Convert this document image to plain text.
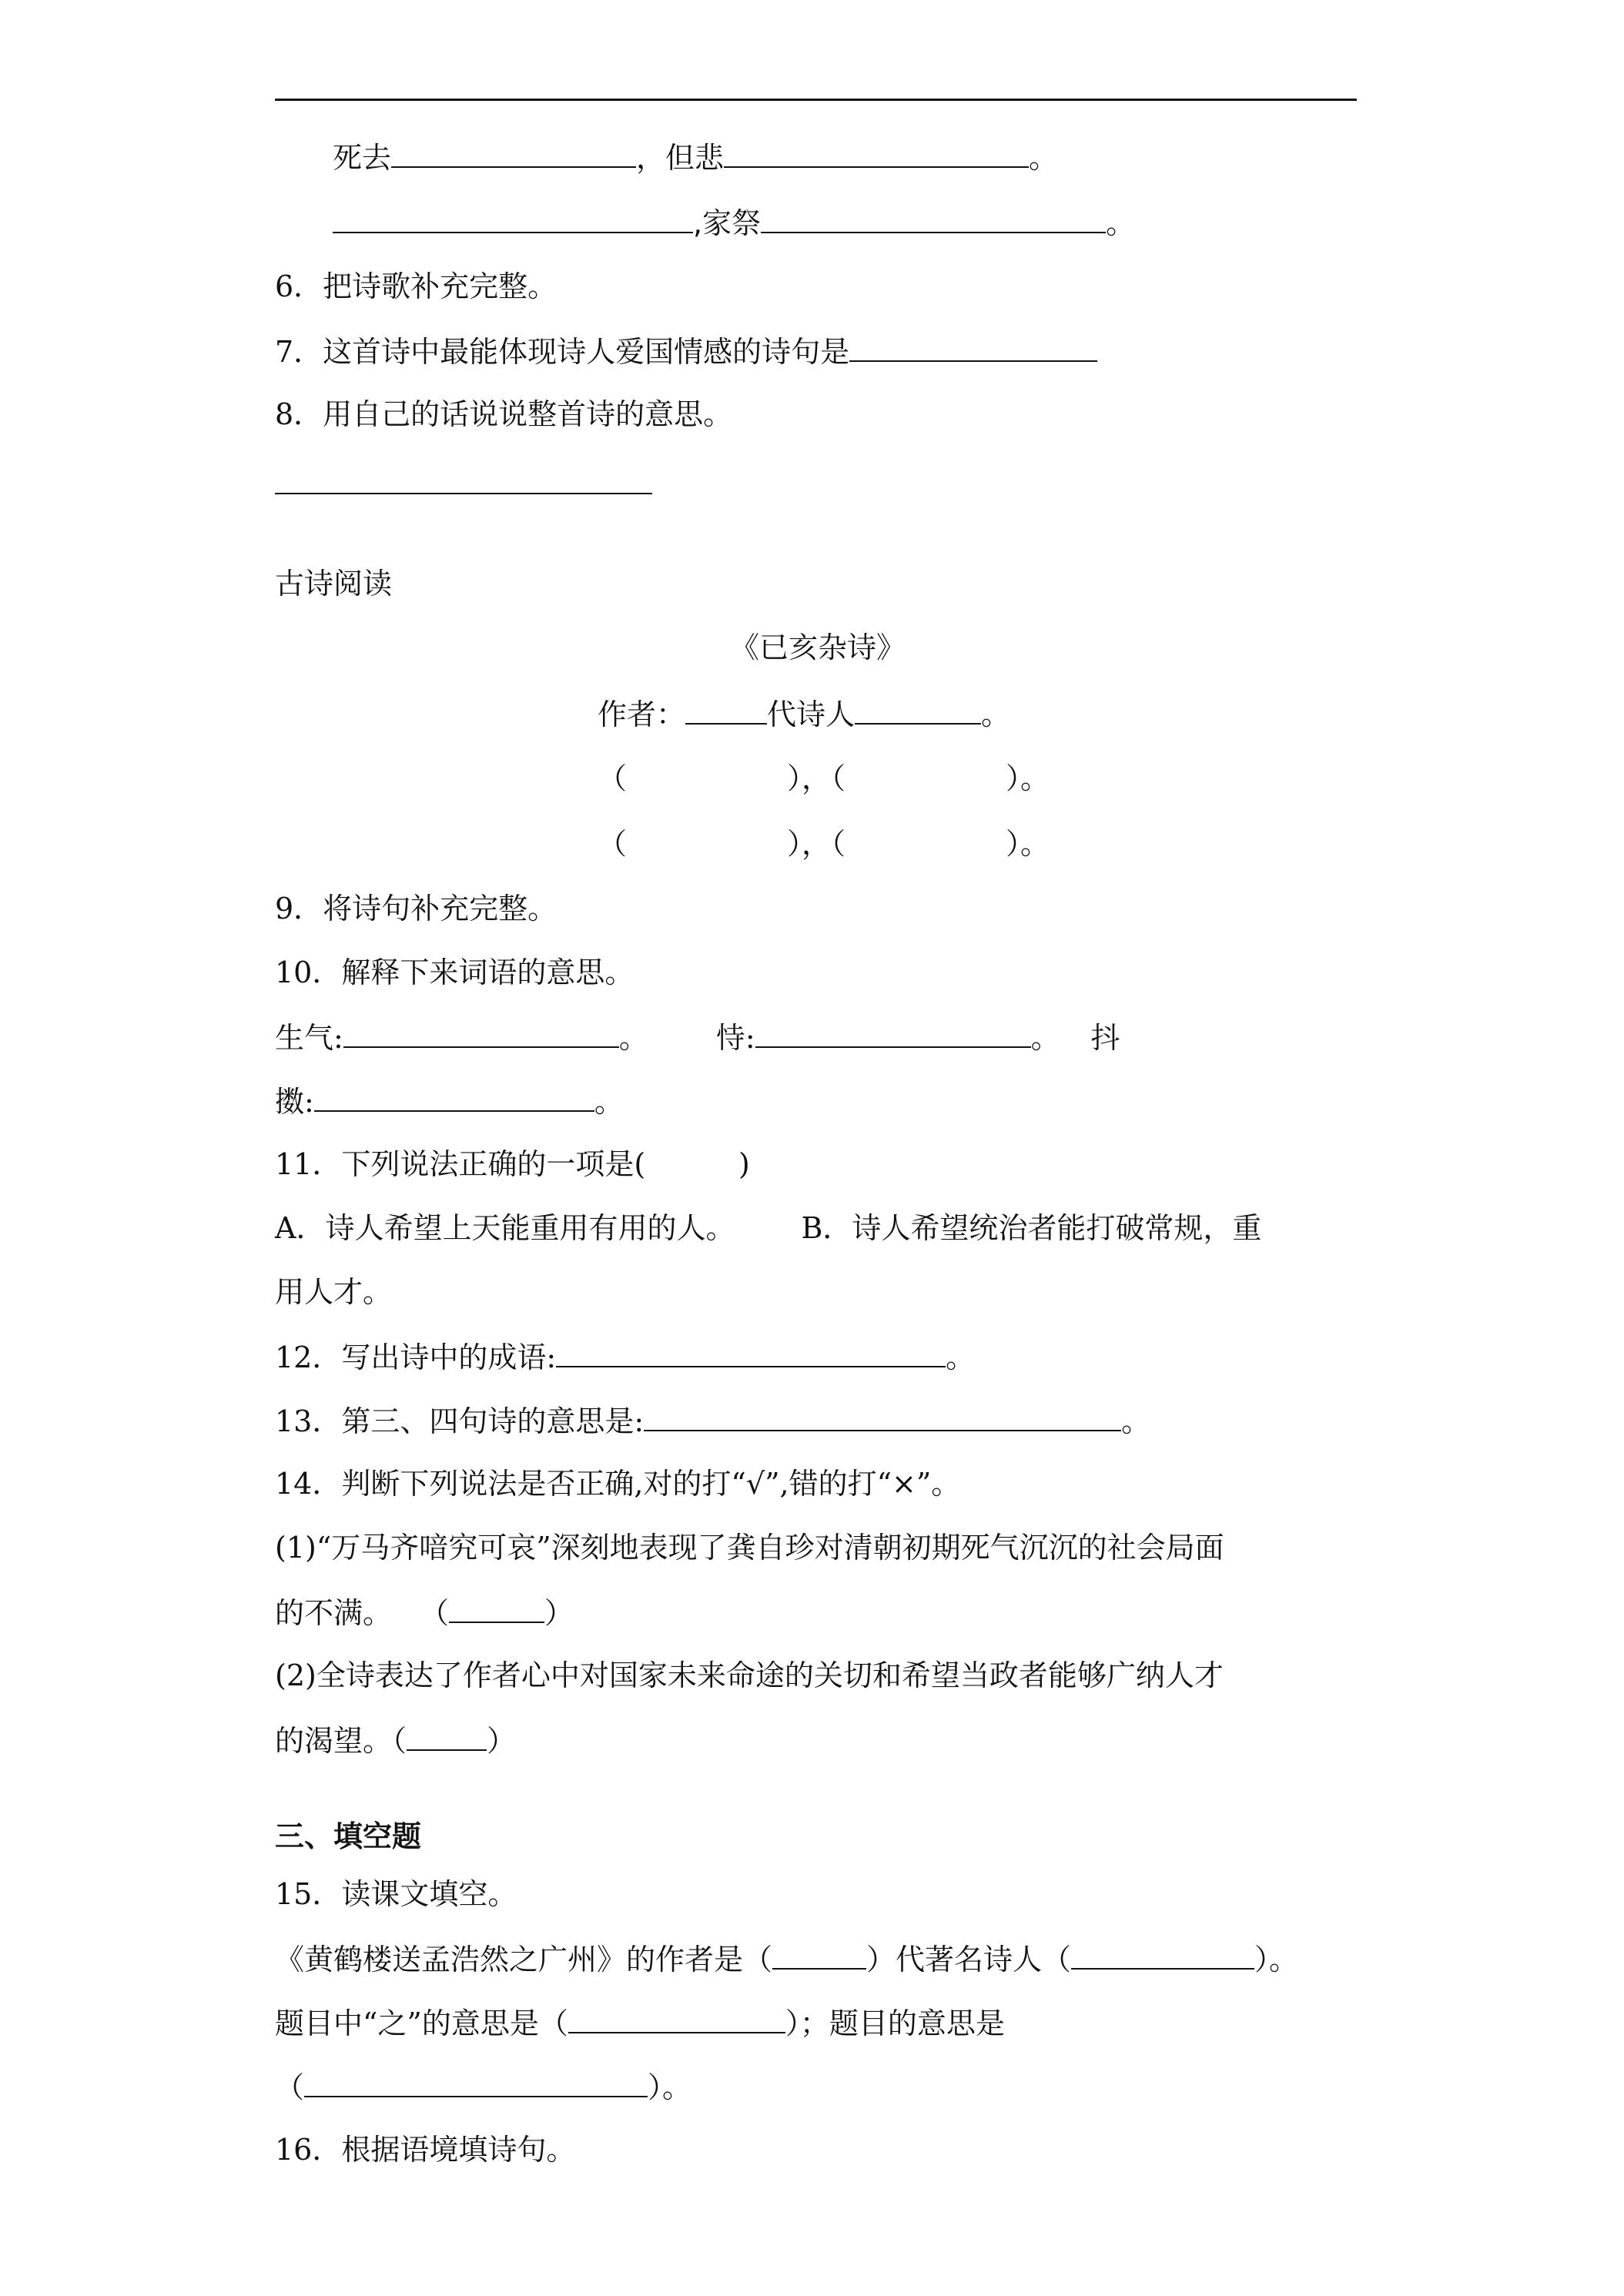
死去	，但悲	。
,家祭	。
6．把诗歌补充完整。
7．这首诗中最能体现诗人爱国情感的诗句是
8．用自己的话说说整首诗的意思。
古诗阅读
《已亥杂诗》
作者：	代诗人	。
（	），（	）。
（	），（	）。
9．将诗句补充完整。
10．解释下来词语的意思。
生气:	。 恃:	。 抖
擞:	。
11．下列说法正确的一项是(          )
A．诗人希望上天能重用有用的人。 B．诗人希望统治者能打破常规，重
用人才。
12．写出诗中的成语:	。
13．第三、四句诗的意思是:	。
14．判断下列说法是否正确,对的打“√”,错的打“×”。
(1)“万马齐喑究可哀”深刻地表现了龚自珍对清朝初期死气沉沉的社会局面
的不满。 （	）
(2)全诗表达了作者心中对国家未来命途的关切和希望当政者能够广纳人才
的渴望。（	）
三、填空题
15．读课文填空。
《黄鹤楼送孟浩然之广州》的作者是（	）代著名诗人（	）。
题目中“之”的意思是（	）；题目的意思是
（	）。
16．根据语境填诗句。
